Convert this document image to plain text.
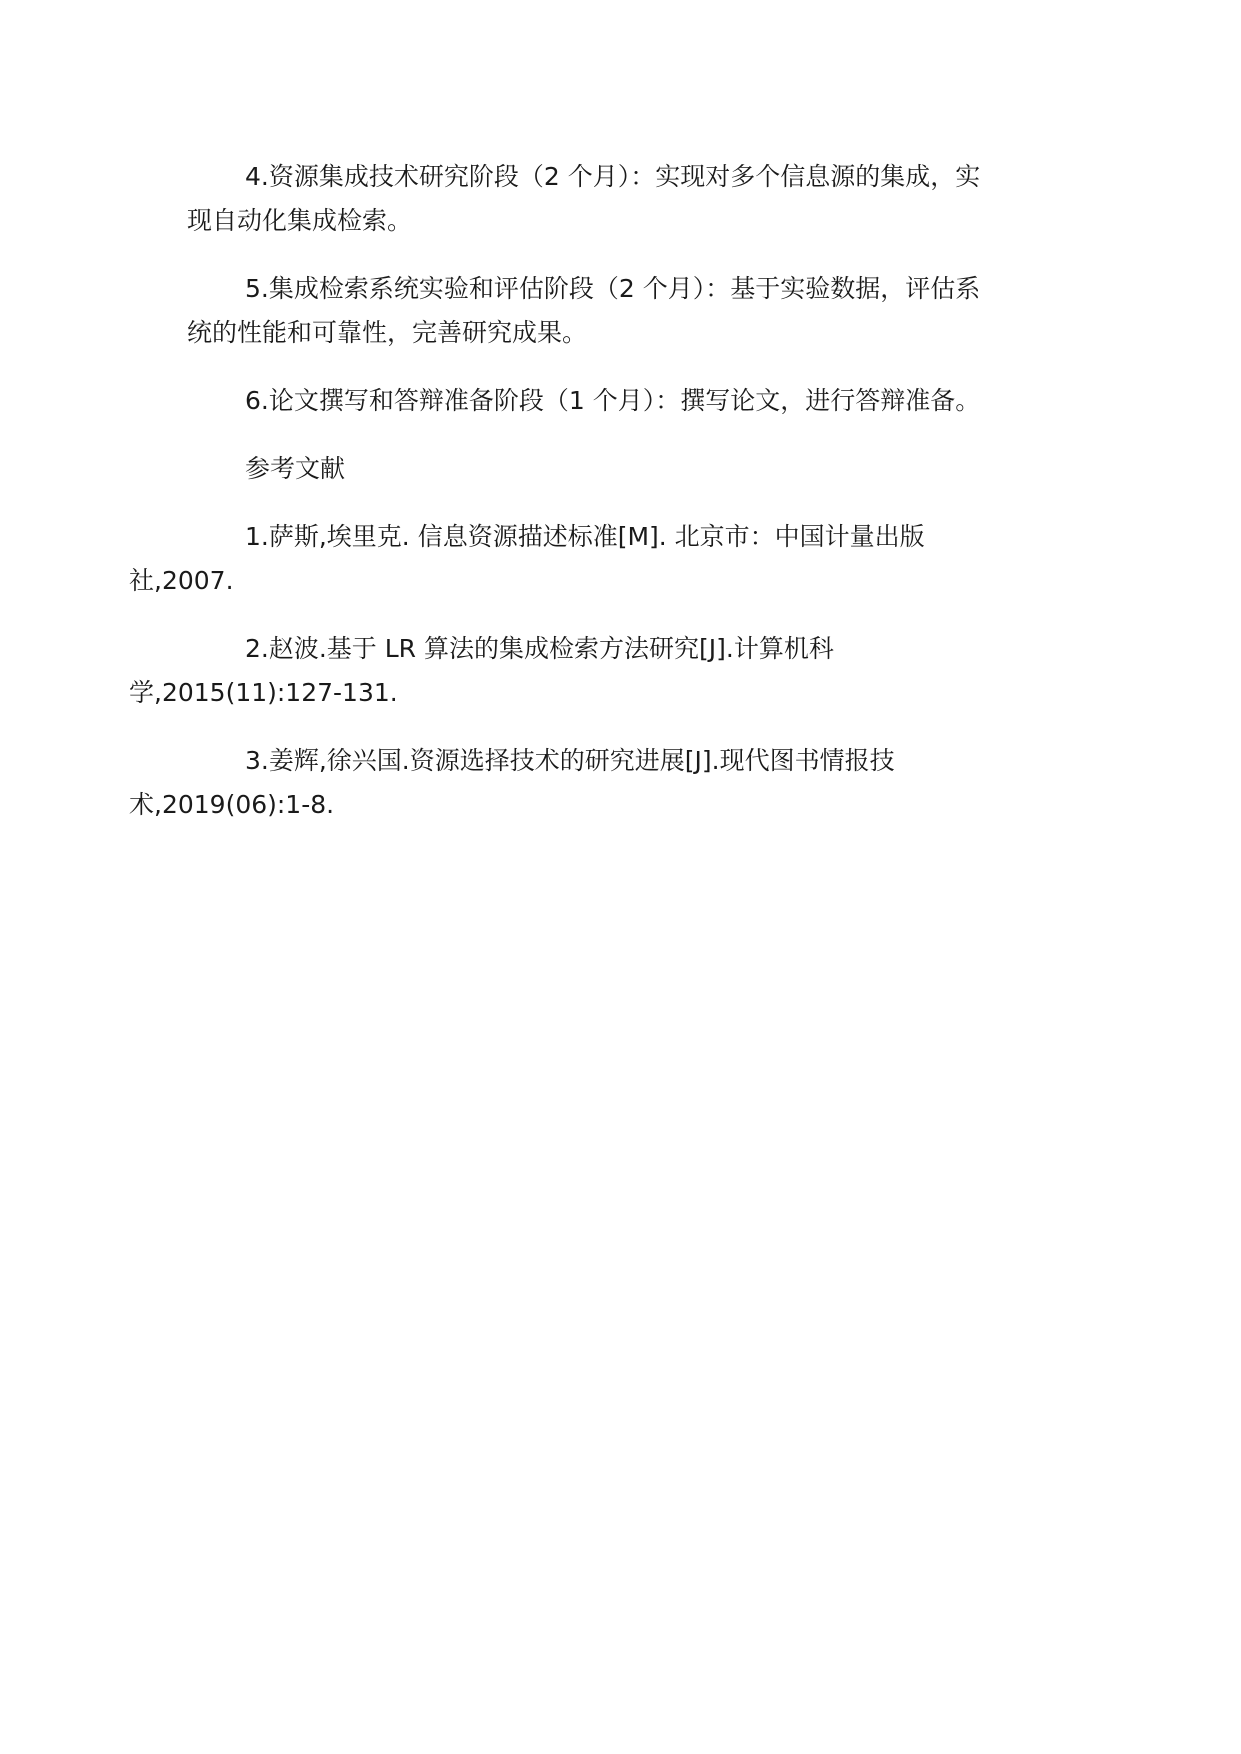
4.资源集成技术研究阶段（2 个月）：实现对多个信息源的集成，实
现自动化集成检索。

5.集成检索系统实验和评估阶段（2 个月）：基于实验数据，评估系
统的性能和可靠性，完善研究成果。

6.论文撰写和答辩准备阶段（1 个月）：撰写论文，进行答辩准备。

参考文献

1.萨斯,埃里克. 信息资源描述标准[M]. 北京市：中国计量出版
社,2007.

2.赵波.基于 LR 算法的集成检索方法研究[J].计算机科
学,2015(11):127-131.

3.姜辉,徐兴国.资源选择技术的研究进展[J].现代图书情报技
术,2019(06):1-8.
